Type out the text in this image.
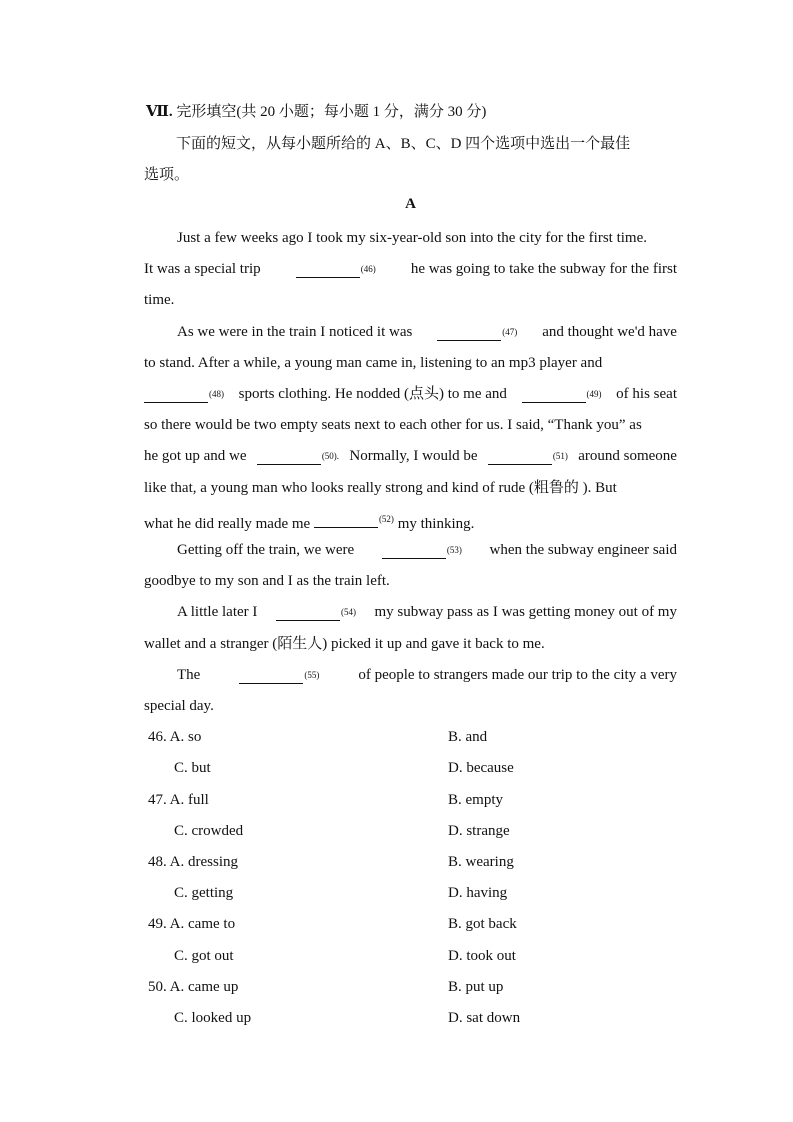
Ⅶ. 完形填空(共 20 小题；每小题 1 分，满分 30 分)
下面的短文，从每小题所给的 A、B、C、D 四个选项中选出一个最佳
选项。
A
Just a few weeks ago I took my six-year-old son into the city for the first time.
It was a special trip	$^{(46)}$ he was going to take the subway for the first
time.
As we were in the train I noticed it was	$^{(47)}$ and thought we'd have
to stand. After a while, a young man came in, listening to an mp3 player and
$^{(48)}$ sports clothing. He nodded (点头) to me and	$^{(49)}$ of his seat
so there would be two empty seats next to each other for us. I said, “Thank you” as
he got up and we	$^{(50).}$ Normally, I would be	$^{(51)}$ around someone
like that, a young man who looks really strong and kind of rude (粗鲁的 ). But
what he did really made me	$^{(52)}$ my thinking.
Getting off the train, we were	$^{(53)}$ when the subway engineer said
goodbye to my son and I as the train left.
A little later I	$^{(54)}$ my subway pass as I was getting money out of my
wallet and a stranger (陌生人) picked it up and gave it back to me.
The	$^{(55)}$	of people to strangers made our trip to the city a very
special day.
46. A. so	B. and
C. but	D. because
47. A. full	B. empty
C. crowded	D. strange
48. A. dressing	B. wearing
C. getting	D. having
49. A. came to	B. got back
C. got out	D. took out
50. A. came up	B. put up
C. looked up	D. sat down
